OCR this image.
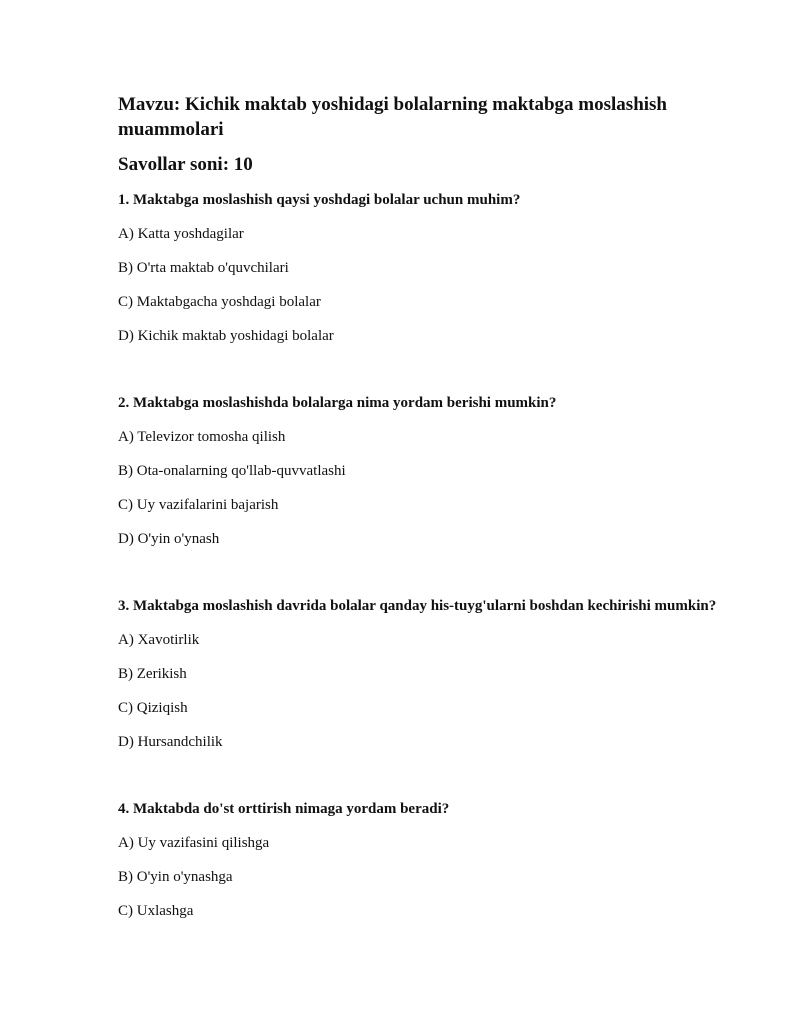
Mavzu: Kichik maktab yoshidagi bolalarning maktabga moslashish muammolari
Savollar soni: 10

1. Maktabga moslashish qaysi yoshdagi bolalar uchun muhim?

A) Katta yoshdagilar

B) O'rta maktab o'quvchilari

C) Maktabgacha yoshdagi bolalar

D) Kichik maktab yoshidagi bolalar

2. Maktabga moslashishda bolalarga nima yordam berishi mumkin?

A) Televizor tomosha qilish

B) Ota-onalarning qo'llab-quvvatlashi

C) Uy vazifalarini bajarish

D) O'yin o'ynash

3. Maktabga moslashish davrida bolalar qanday his-tuyg'ularni boshdan kechirishi mumkin?

A) Xavotirlik

B) Zerikish

C) Qiziqish

D) Hursandchilik

4. Maktabda do'st orttirish nimaga yordam beradi?

A) Uy vazifasini qilishga

B) O'yin o'ynashga

C) Uxlashga
